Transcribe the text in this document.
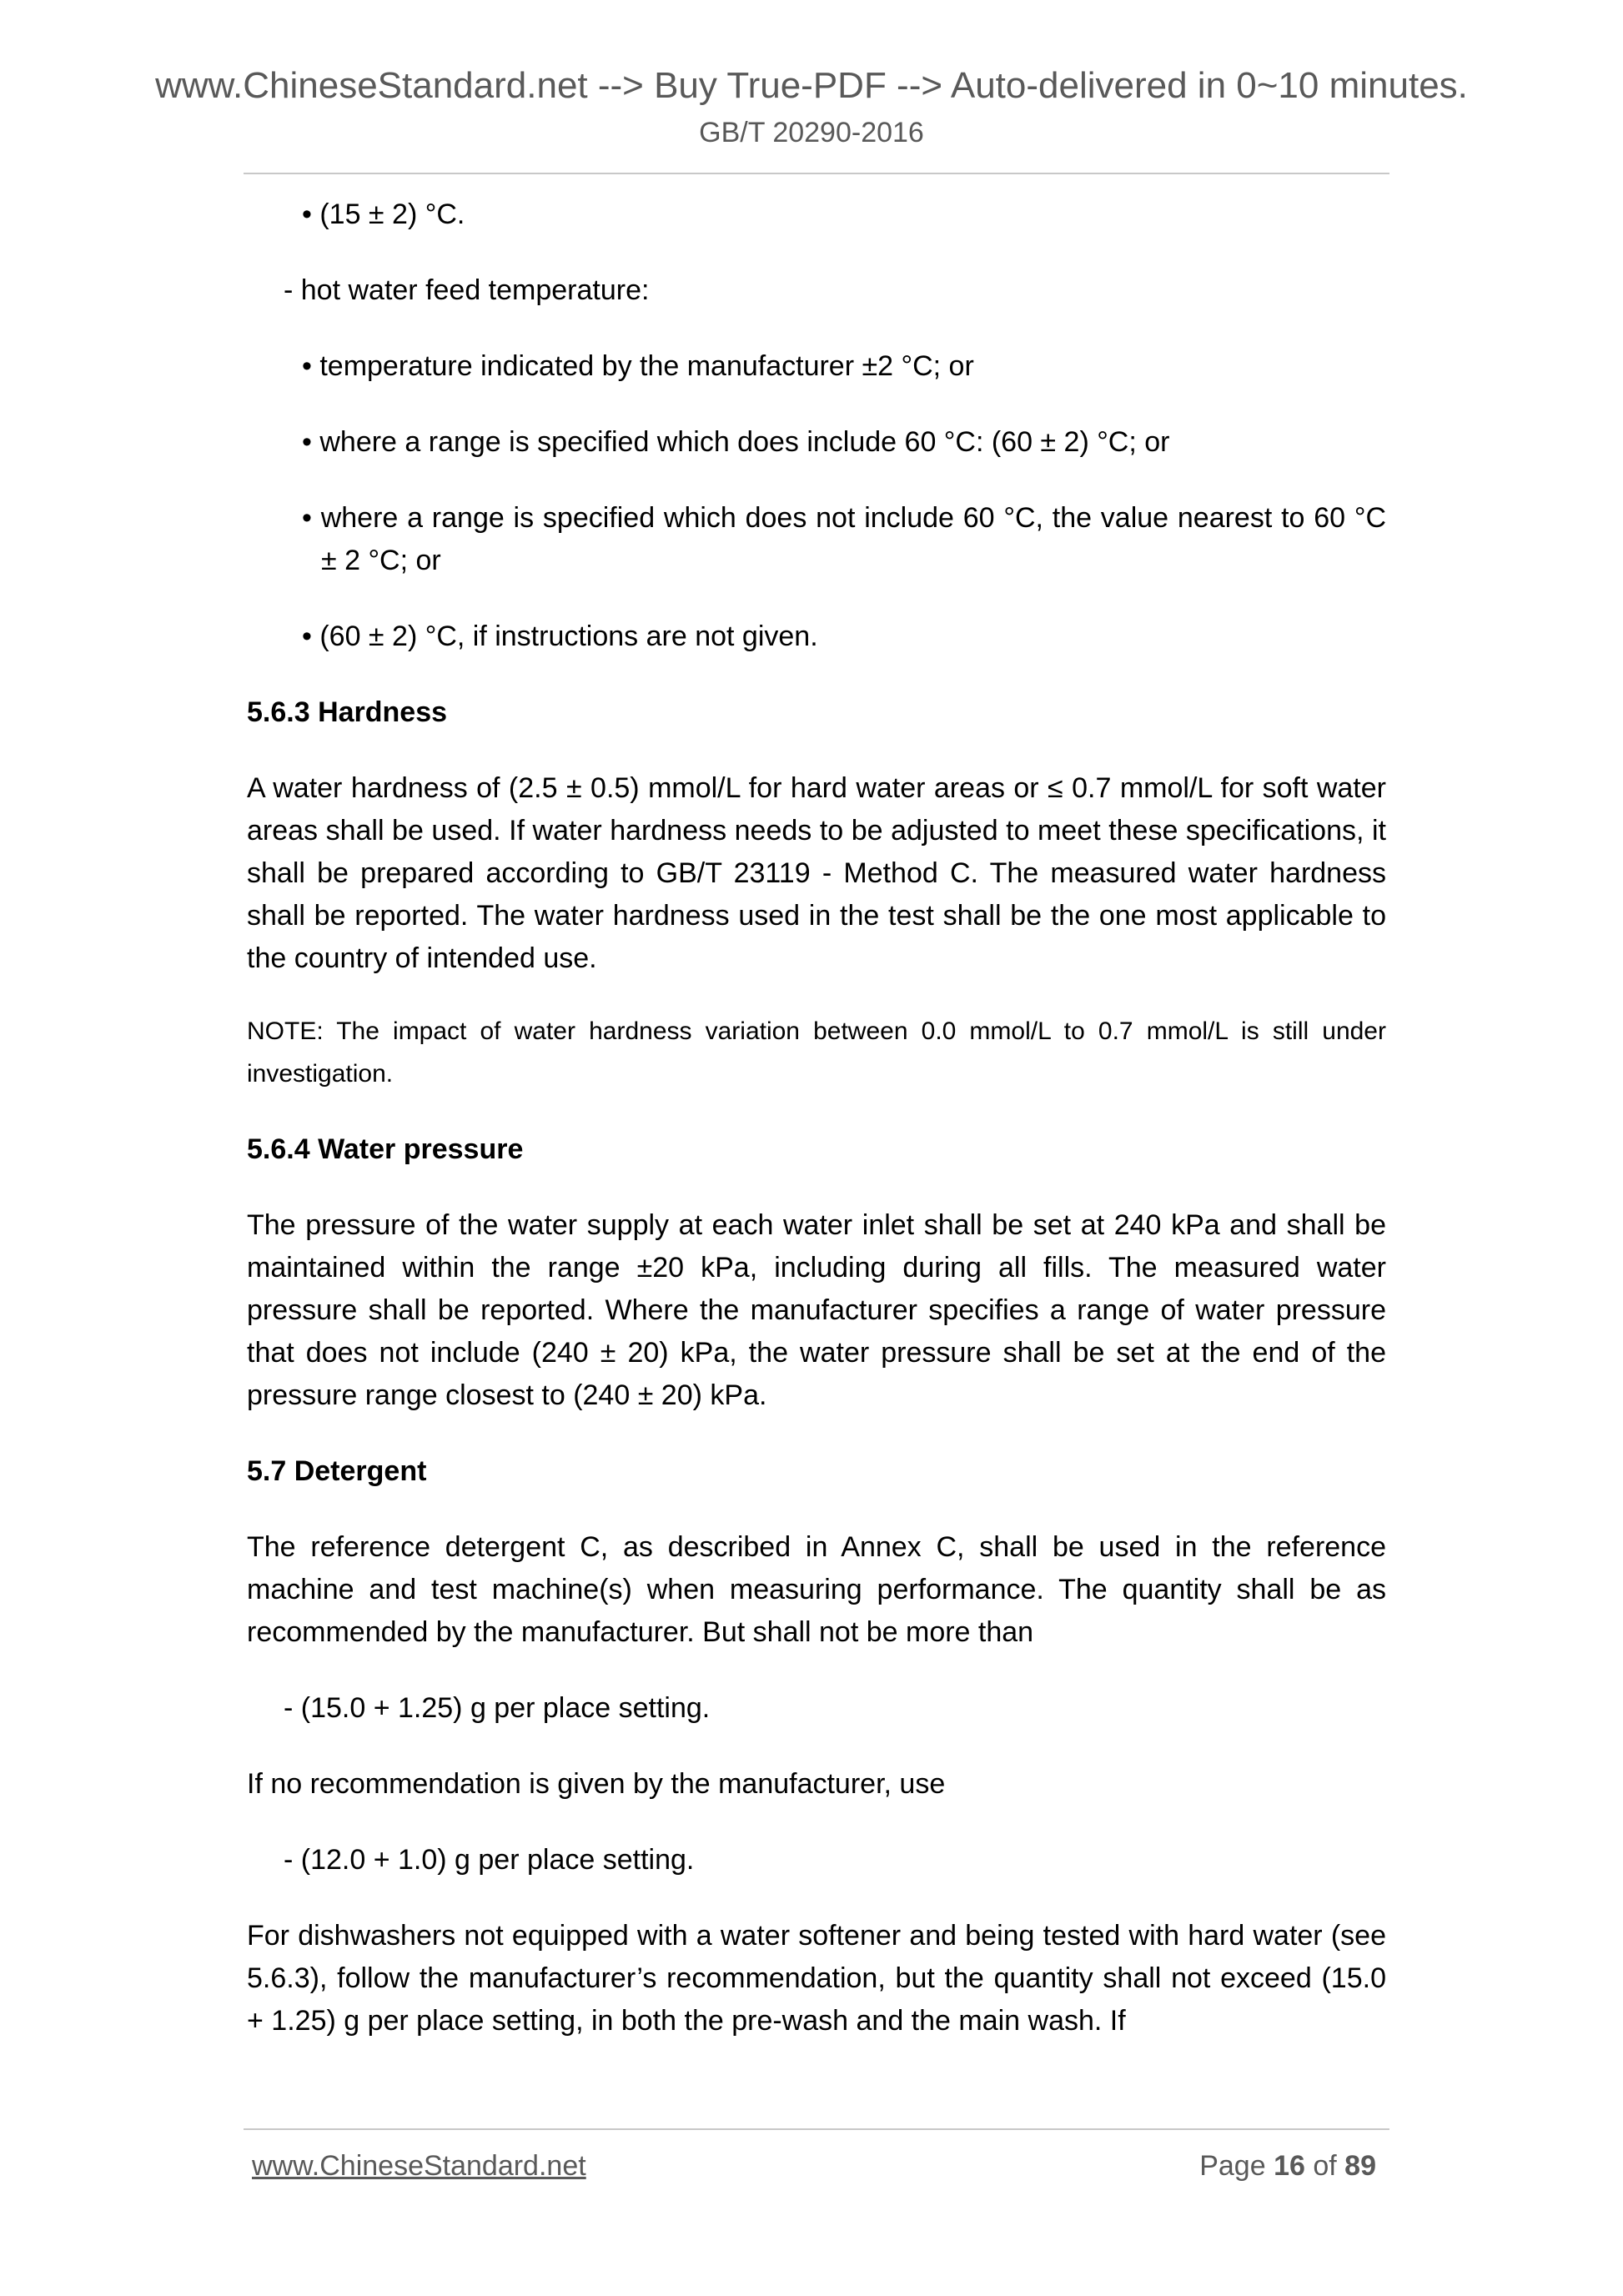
www.ChineseStandard.net --> Buy True-PDF --> Auto-delivered in 0~10 minutes.
GB/T 20290-2016
• (15 ± 2) °C.
- hot water feed temperature:
• temperature indicated by the manufacturer ±2 °C; or
• where a range is specified which does include 60 °C: (60 ± 2) °C; or
• where a range is specified which does not include 60 °C, the value nearest to 60 °C ± 2 °C; or
• (60 ± 2) °C, if instructions are not given.
5.6.3 Hardness
A water hardness of (2.5 ± 0.5) mmol/L for hard water areas or ≤ 0.7 mmol/L for soft water areas shall be used. If water hardness needs to be adjusted to meet these specifications, it shall be prepared according to GB/T 23119 - Method C. The measured water hardness shall be reported. The water hardness used in the test shall be the one most applicable to the country of intended use.
NOTE: The impact of water hardness variation between 0.0 mmol/L to 0.7 mmol/L is still under investigation.
5.6.4 Water pressure
The pressure of the water supply at each water inlet shall be set at 240 kPa and shall be maintained within the range ±20 kPa, including during all fills. The measured water pressure shall be reported. Where the manufacturer specifies a range of water pressure that does not include (240 ± 20) kPa, the water pressure shall be set at the end of the pressure range closest to (240 ± 20) kPa.
5.7 Detergent
The reference detergent C, as described in Annex C, shall be used in the reference machine and test machine(s) when measuring performance. The quantity shall be as recommended by the manufacturer. But shall not be more than
- (15.0 + 1.25) g per place setting.
If no recommendation is given by the manufacturer, use
- (12.0 + 1.0) g per place setting.
For dishwashers not equipped with a water softener and being tested with hard water (see 5.6.3), follow the manufacturer’s recommendation, but the quantity shall not exceed (15.0 + 1.25) g per place setting, in both the pre-wash and the main wash. If
www.ChineseStandard.net	Page 16 of 89
